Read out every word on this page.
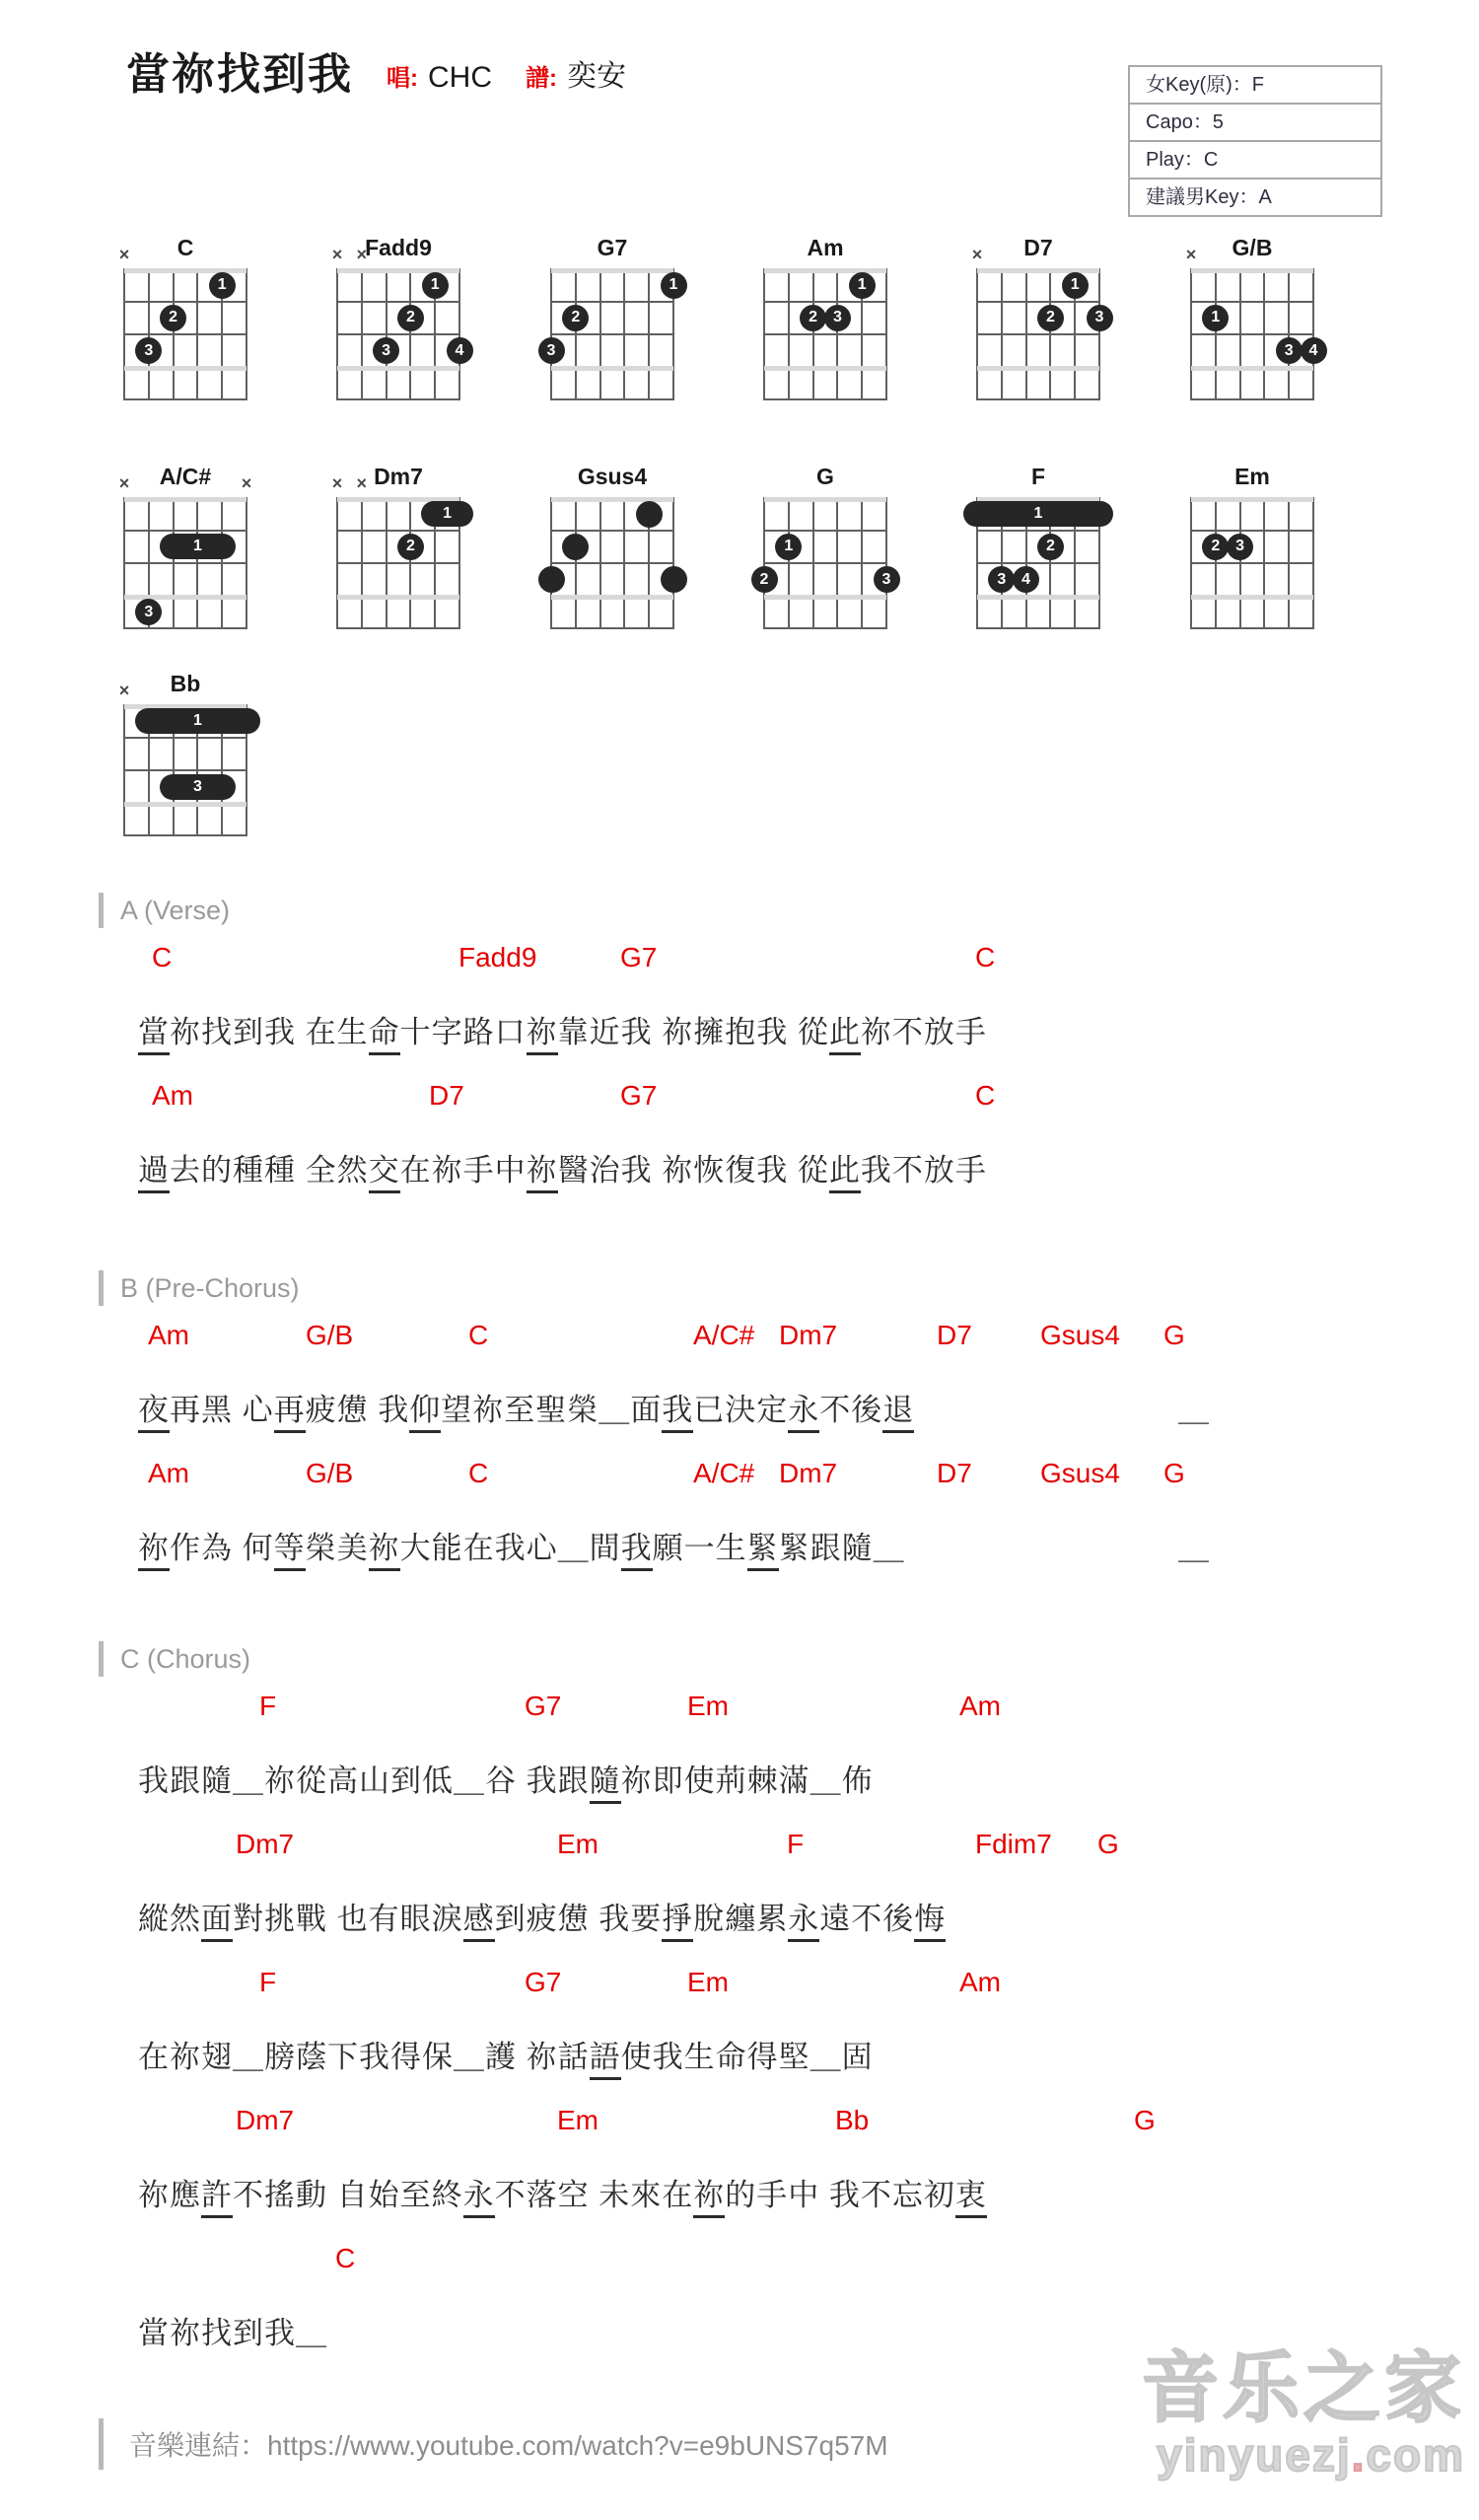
當祢找到我 唱: CHC 譜: 奕安	女Key(原)：F
Capo：5
Play：C
建議男Key：A
C
×
1
2
3
Fadd9
× ×
1
2
3	4
G7
1
2
3
Am
1
2 3
D7
×
1
2	3
G/B
×
1
3 4
A/C#
×	×
1
3
Dm7
× ×
1
2
Gsus4	G
1
2	3
F
1
2
3 4
Em
2 3
Bb
×
1
3
A (Verse)
C	Fadd9	G7	C
當祢找到我 在生命十字路口祢靠近我 祢擁抱我 從此祢不放手
Am	D7	G7	C
過去的種種 全然交在祢手中祢醫治我 祢恢復我 從此我不放手
B (Pre-Chorus)
Am	G/B	C	A/C# Dm7	D7 Gsus4 G
夜再黑 心再疲憊 我仰望祢至聖榮＿面我已決定永不後退	＿
Am	G/B	C	A/C# Dm7	D7 Gsus4 G
祢作為 何等榮美祢大能在我心＿間我願一生緊緊跟隨＿	＿
C (Chorus)
F	G7	Em	Am
我跟隨＿祢從高山到低＿谷 我跟隨祢即使荊棘滿＿佈
Dm7	Em	F	Fdim7 G
縱然面對挑戰 也有眼淚感到疲憊 我要掙脫纏累永遠不後悔
F	G7	Em	Am
在祢翅＿膀蔭下我得保＿護 祢話語使我生命得堅＿固
Dm7	Em	Bb	G
祢應許不搖動 自始至終永不落空 未來在祢的手中 我不忘初衷
C
當祢找到我＿
音樂連結：https://www.youtube.com/watch?v=e9bUNS7q57M
音乐之家
yinyuezj.com
